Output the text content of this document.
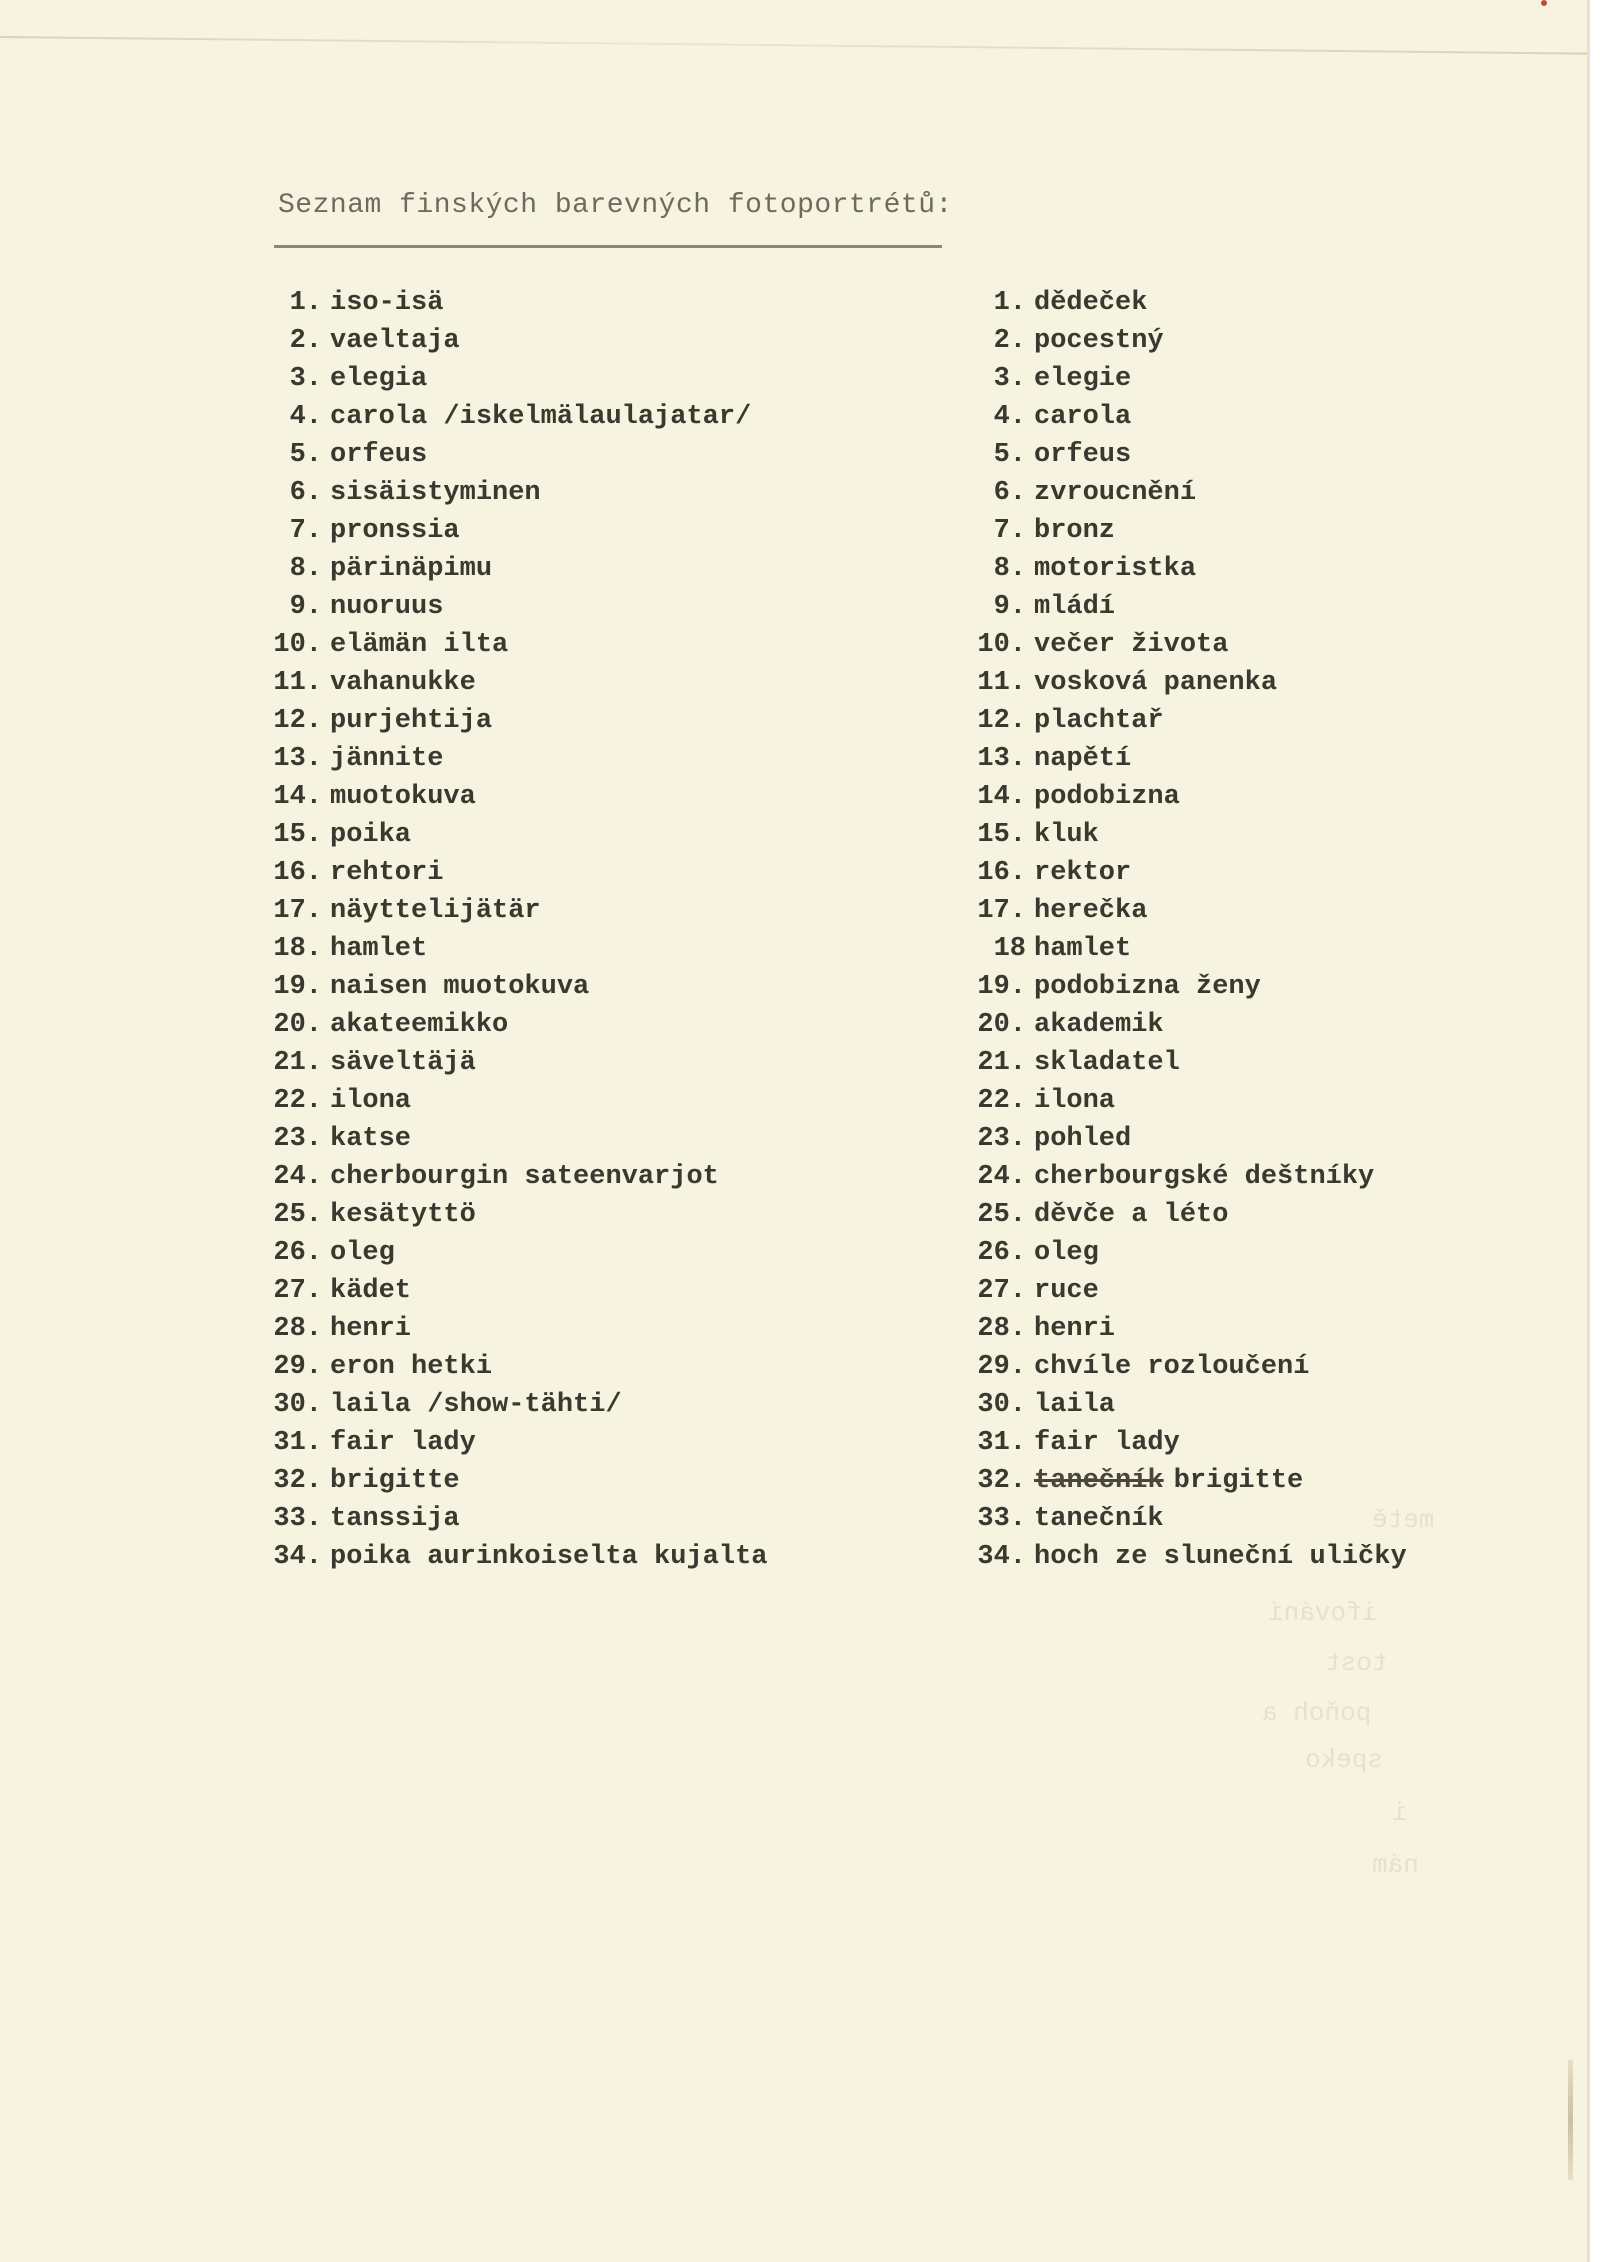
Seznam finských barevných fotoportrétů:
1. iso-isä
2. vaeltaja
3. elegia
4. carola /iskelmälaulajatar/
5. orfeus
6. sisäistyminen
7. pronssia
8. pärinäpimu
9. nuoruus
10. elämän ilta
11. vahanukke
12. purjehtija
13. jännite
14. muotokuva
15. poika
16. rehtori
17. näyttelijätär
18. hamlet
19. naisen muotokuva
20. akateemikko
21. säveltäjä
22. ilona
23. katse
24. cherbourgin sateenvarjot
25. kesätyttö
26. oleg
27. kädet
28. henri
29. eron hetki
30. laila /show-tähti/
31. fair lady
32. brigitte
33. tanssija
34. poika aurinkoiselta kujalta
1. dědeček
2. pocestný
3. elegie
4. carola
5. orfeus
6. zvroucnění
7. bronz
8. motoristka
9. mládí
10. večer života
11. vosková panenka
12. plachtař
13. napětí
14. podobizna
15. kluk
16. rektor
17. herečka
18 hamlet
19. podobizna ženy
20. akademik
21. skladatel
22. ilona
23. pohled
24. cherbourgské deštníky
25. děvče a léto
26. oleg
27. ruce
28. henri
29. chvíle rozloučení
30. laila
31. fair lady
32. tanečník brigitte
33. tanečník
34. hoch ze sluneční uličky
metě
ifování
tost
poňoh a
speko
i
nám
